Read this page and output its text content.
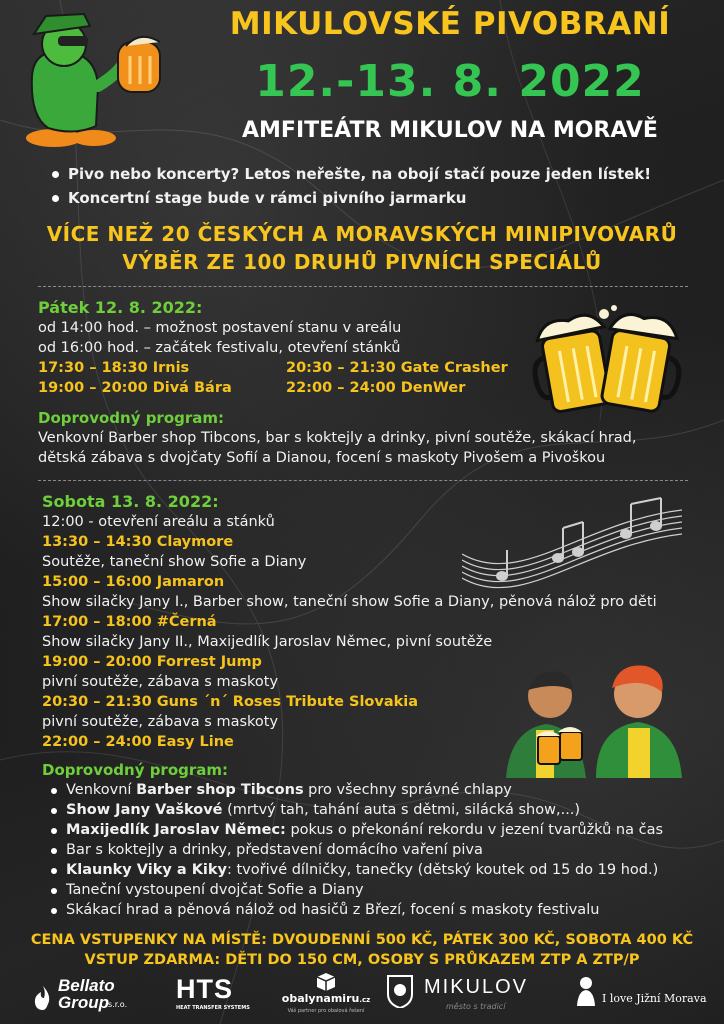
MIKULOVSKÉ PIVOBRANÍ
12.-13. 8. 2022
AMFITEÁTR MIKULOV NA MORAVĚ
Pivo nebo koncerty? Letos neřešte, na obojí stačí pouze jeden lístek!
Koncertní stage bude v rámci pivního jarmarku
VÍCE NEŽ 20 ČESKÝCH A MORAVSKÝCH MINIPIVOVARŮ
VÝBĚR ZE 100 DRUHŮ PIVNÍCH SPECIÁLŮ
Pátek 12. 8. 2022:
od 14:00 hod. – možnost postavení stanu v areálu
od 16:00 hod. – začátek festivalu, otevření stánků
17:30 – 18:30 Irnis	20:30 – 21:30 Gate Crasher
19:00 – 20:00 Divá Bára	22:00 – 24:00 DenWer
Doprovodný program:
Venkovní Barber shop Tibcons, bar s koktejly a drinky, pivní soutěže, skákací hrad, dětská zábava s dvojčaty Sofií a Dianou, focení s maskoty Pivošem a Pivoškou
Sobota 13. 8. 2022:
12:00 - otevření areálu a stánků
13:30 – 14:30 Claymore
Soutěže, taneční show Sofie a Diany
15:00 – 16:00 Jamaron
Show silačky Jany I., Barber show, taneční show Sofie a Diany, pěnová nálož pro děti
17:00 – 18:00 #Černá
Show silačky Jany II., Maxijedlík Jaroslav Němec, pivní soutěže
19:00 – 20:00 Forrest Jump
pivní soutěže, zábava s maskoty
20:30 – 21:30 Guns ´n´ Roses Tribute Slovakia
pivní soutěže, zábava s maskoty
22:00 – 24:00 Easy Line
Doprovodný program:
Venkovní Barber shop Tibcons pro všechny správné chlapy
Show Jany Vaškové (mrtvý tah, tahání auta s dětmi, silácká show,...)
Maxijedlík Jaroslav Němec: pokus o překonání rekordu v jezení tvarůžků na čas
Bar s koktejly a drinky, představení domácího vaření piva
Klaunky Viky a Kiky: tvořivé dílničky, tanečky (dětský koutek od 15 do 19 hod.)
Taneční vystoupení dvojčat Sofie a Diany
Skákací hrad a pěnová nálož od hasičů z Březí, focení s maskoty festivalu
CENA VSTUPENKY NA MÍSTĚ: DVOUDENNÍ 500 KČ, PÁTEK 300 KČ, SOBOTA 400 KČ
VSTUP ZDARMA: DĚTI DO 150 CM, OSOBY S PRŮKAZEM ZTP A ZTP/P
Bellato
Group s.r.o.
HTS
HEAT TRANSFER SYSTEMS
obalynamiru.cz
Váš partner pro obalová řešení
MIKULOV
město s tradicí
I love Jižní Morava
